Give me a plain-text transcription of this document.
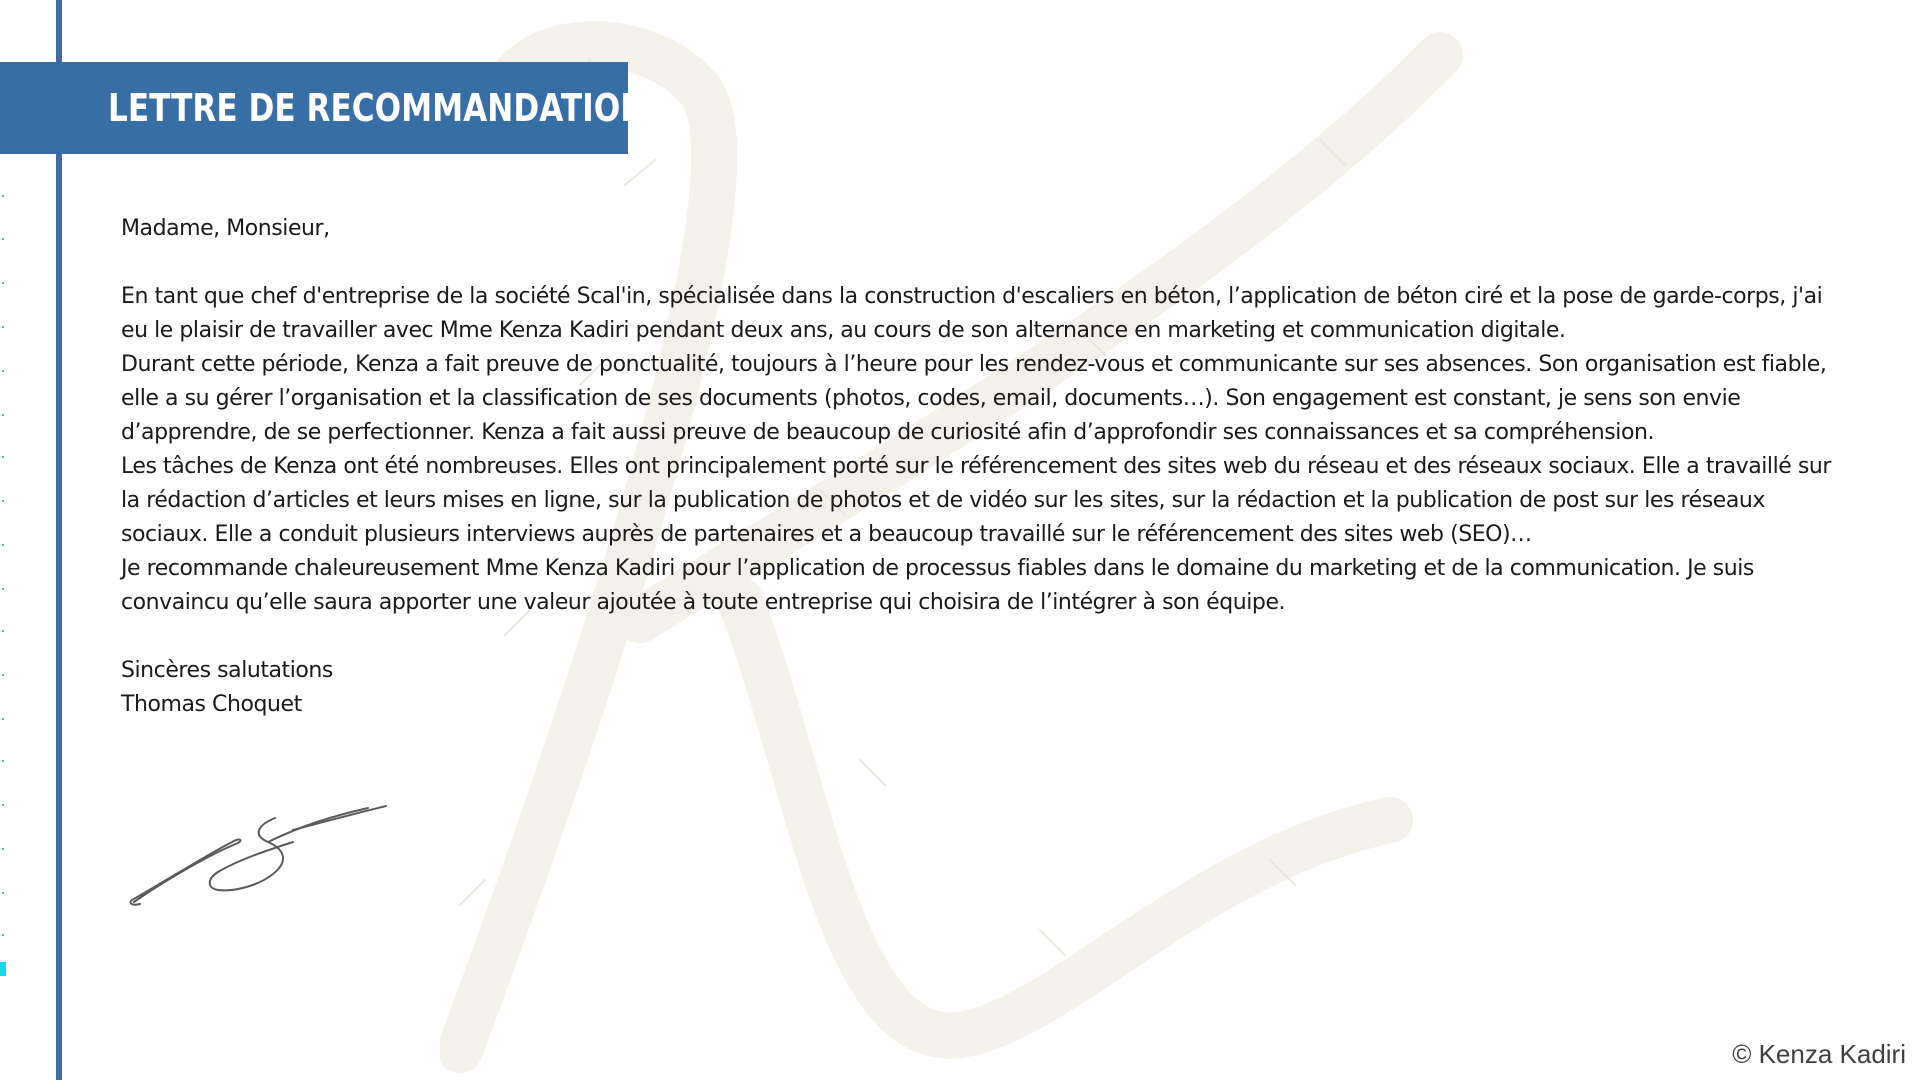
LETTRE DE RECOMMANDATION

Madame, Monsieur,

En tant que chef d'entreprise de la société Scal'in, spécialisée dans la construction d'escaliers en béton, l’application de béton ciré et la pose de garde-corps, j'ai eu le plaisir de travailler avec Mme Kenza Kadiri pendant deux ans, au cours de son alternance en marketing et communication digitale.

Durant cette période, Kenza a fait preuve de ponctualité, toujours à l’heure pour les rendez-vous et communicante sur ses absences. Son organisation est fiable, elle a su gérer l’organisation et la classification de ses documents (photos, codes, email, documents…). Son engagement est constant, je sens son envie d’apprendre, de se perfectionner. Kenza a fait aussi preuve de beaucoup de curiosité afin d’approfondir ses connaissances et sa compréhension.

Les tâches de Kenza ont été nombreuses. Elles ont principalement porté sur le référencement des sites web du réseau et des réseaux sociaux. Elle a travaillé sur la rédaction d’articles et leurs mises en ligne, sur la publication de photos et de vidéo sur les sites, sur la rédaction et la publication de post sur les réseaux sociaux. Elle a conduit plusieurs interviews auprès de partenaires et a beaucoup travaillé sur le référencement des sites web (SEO)…

Je recommande chaleureusement Mme Kenza Kadiri pour l’application de processus fiables dans le domaine du marketing et de la communication. Je suis convaincu qu’elle saura apporter une valeur ajoutée à toute entreprise qui choisira de l’intégrer à son équipe.

Sincères salutations

Thomas Choquet

© Kenza Kadiri
